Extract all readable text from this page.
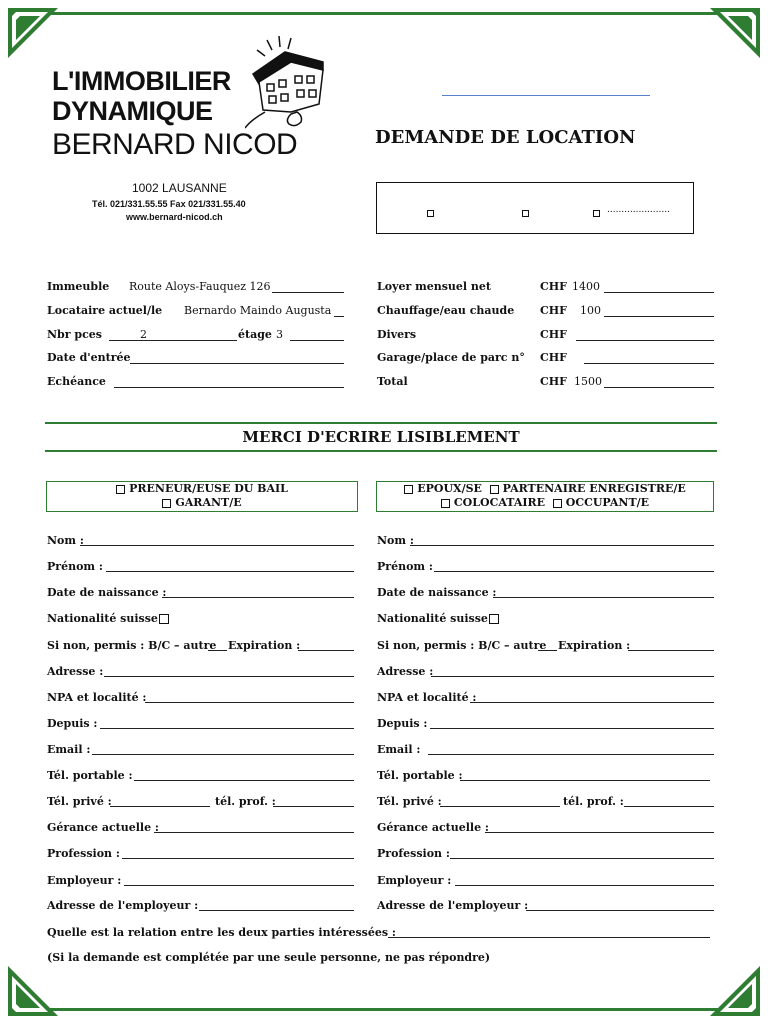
L'IMMOBILIER
DYNAMIQUE
BERNARD NICOD
1002 LAUSANNE
Tél. 021/331.55.55 Fax 021/331.55.40
www.bernard-nicod.ch
DEMANDE DE LOCATION
......................
Immeuble Route Aloys-Fauquez 126
Locataire actuel/le Bernardo Maindo Augusta
Nbr pces	2	étage 3
Date d'entrée
Echéance
Loyer mensuel net	CHF 1400
Chauffage/eau chaude CHF 100
Divers	CHF
Garage/place de parc n° CHF
Total	CHF 1500
MERCI D'ECRIRE LISIBLEMENT
PRENEUR/EUSE DU BAIL
GARANT/E
EPOUX/SE PARTENAIRE ENREGISTRE/E
COLOCATAIRE OCCUPANT/E
Nom :
Prénom :
Date de naissance :
Nationalité suisse
Si non, permis : B/C – autre Expiration :
Adresse :
NPA et localité :
Depuis :
Email :
Tél. portable :
Tél. privé :	tél. prof. :
Gérance actuelle :
Profession :
Employeur :
Adresse de l'employeur :
Nom :
Prénom :
Date de naissance :
Nationalité suisse
Si non, permis : B/C – autre Expiration :
Adresse :
NPA et localité :
Depuis :
Email :
Tél. portable :
Tél. privé :	tél. prof. :
Gérance actuelle :
Profession :
Employeur :
Adresse de l'employeur :
Quelle est la relation entre les deux parties intéressées :
(Si la demande est complétée par une seule personne, ne pas répondre)
